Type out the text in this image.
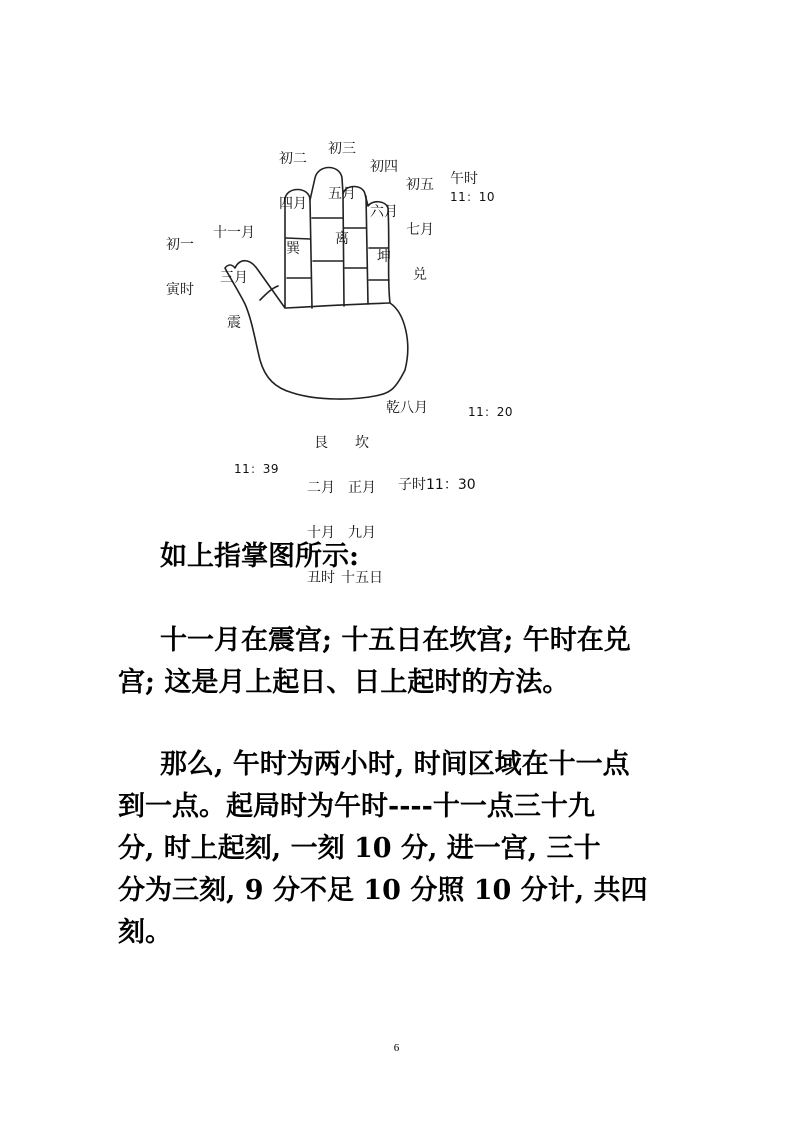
初二

四月

巽

初三

五月

离

初四

六月

坤

初五

七月

兑

午时
11：10

初一

寅时

十一月

三月

震

乾八月	11：20

艮

二月

十月

丑时

坎

正月

九月

十五日

11：39
子时11：30

如上指掌图所示:

十一月在震宫; 十五日在坎宫; 午时在兑
宫; 这是月上起日、日上起时的方法。

那么, 午时为两小时, 时间区域在十一点
到一点。起局时为午时----十一点三十九
分, 时上起刻, 一刻 10 分, 进一宫, 三十
分为三刻, 9 分不足 10 分照 10 分计, 共四
刻。

6
